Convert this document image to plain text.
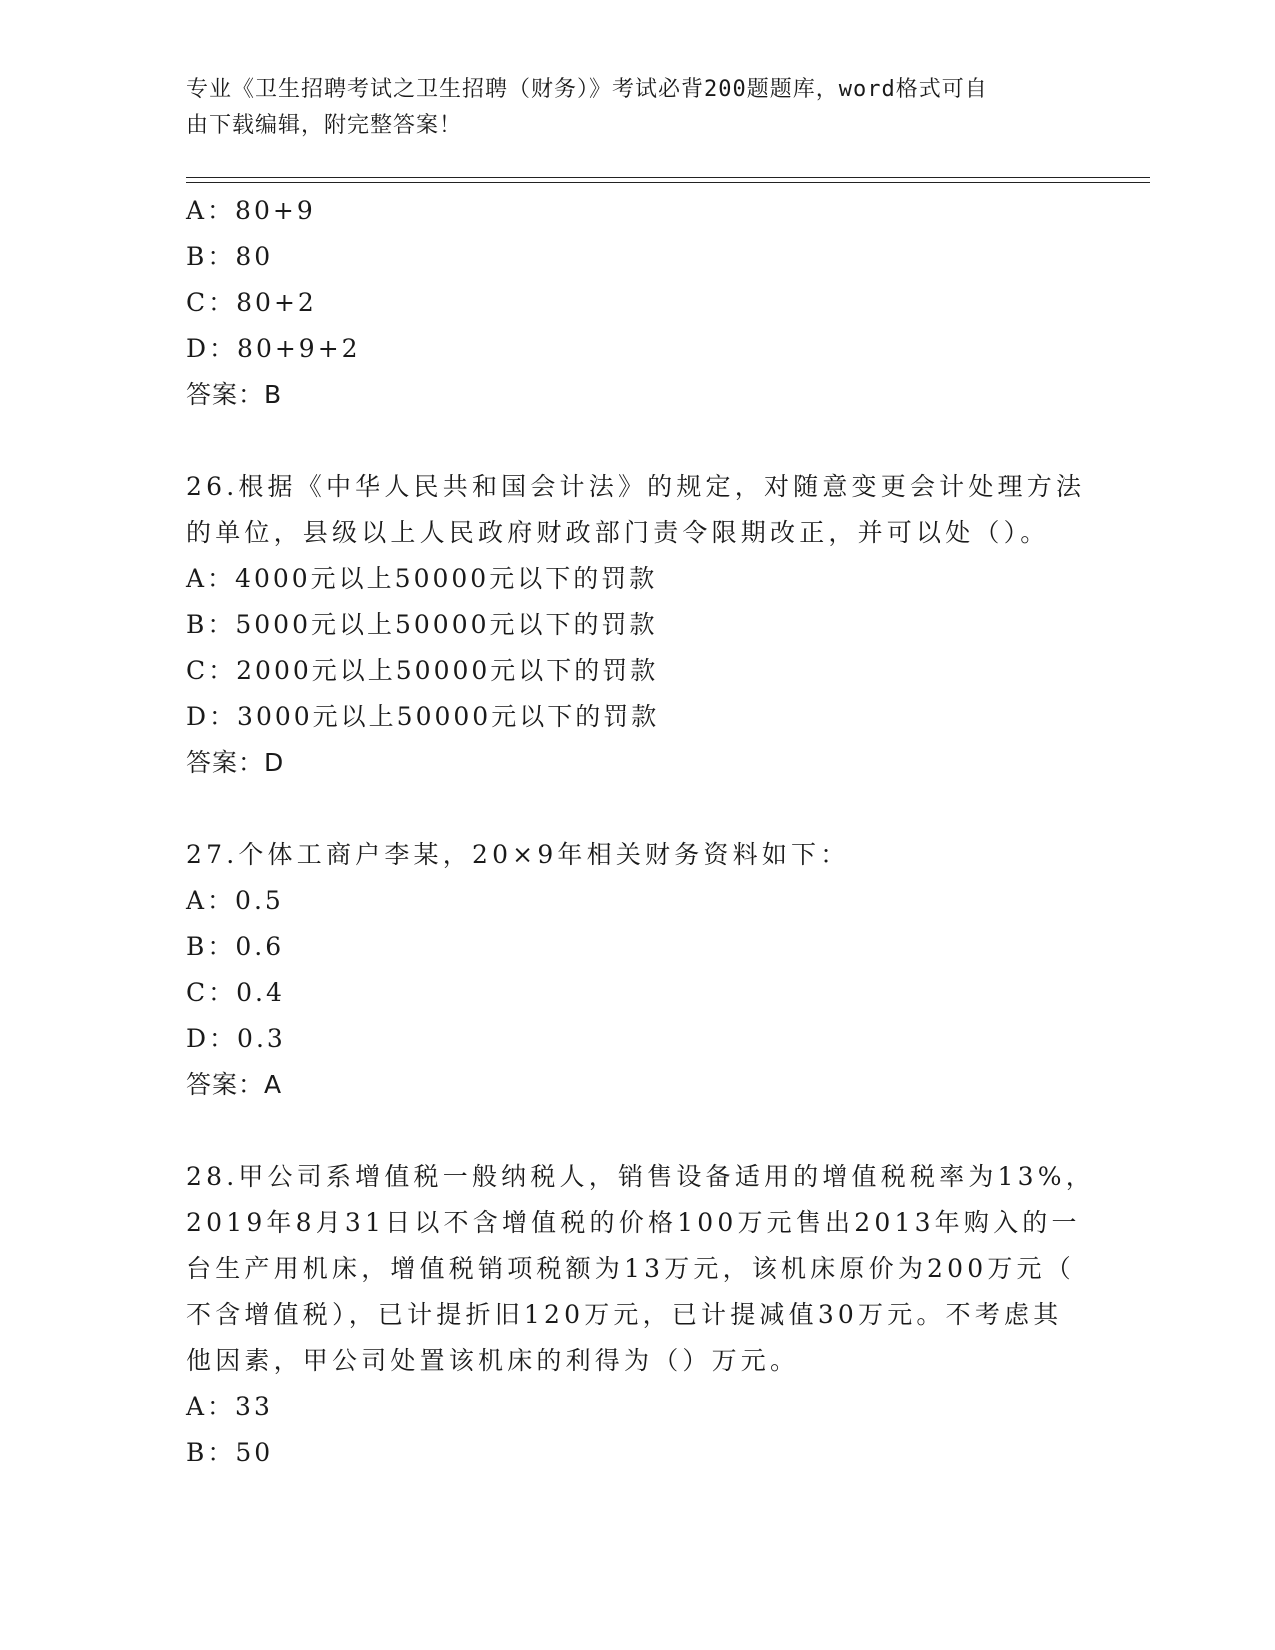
专业《卫生招聘考试之卫生招聘（财务）》考试必背200题题库，word格式可自
由下载编辑，附完整答案！
A：80+9
B：80
C：80+2
D：80+9+2
答案：B
26.根据《中华人民共和国会计法》的规定，对随意变更会计处理方法
的单位，县级以上人民政府财政部门责令限期改正，并可以处（）。
A：4000元以上50000元以下的罚款
B：5000元以上50000元以下的罚款
C：2000元以上50000元以下的罚款
D：3000元以上50000元以下的罚款
答案：D
27.个体工商户李某，20×9年相关财务资料如下：
A：0.5
B：0.6
C：0.4
D：0.3
答案：A
28.甲公司系增值税一般纳税人，销售设备适用的增值税税率为13%，
2019年8月31日以不含增值税的价格100万元售出2013年购入的一
台生产用机床，增值税销项税额为13万元，该机床原价为200万元（
不含增值税），已计提折旧120万元，已计提减值30万元。不考虑其
他因素，甲公司处置该机床的利得为（）万元。
A：33
B：50
